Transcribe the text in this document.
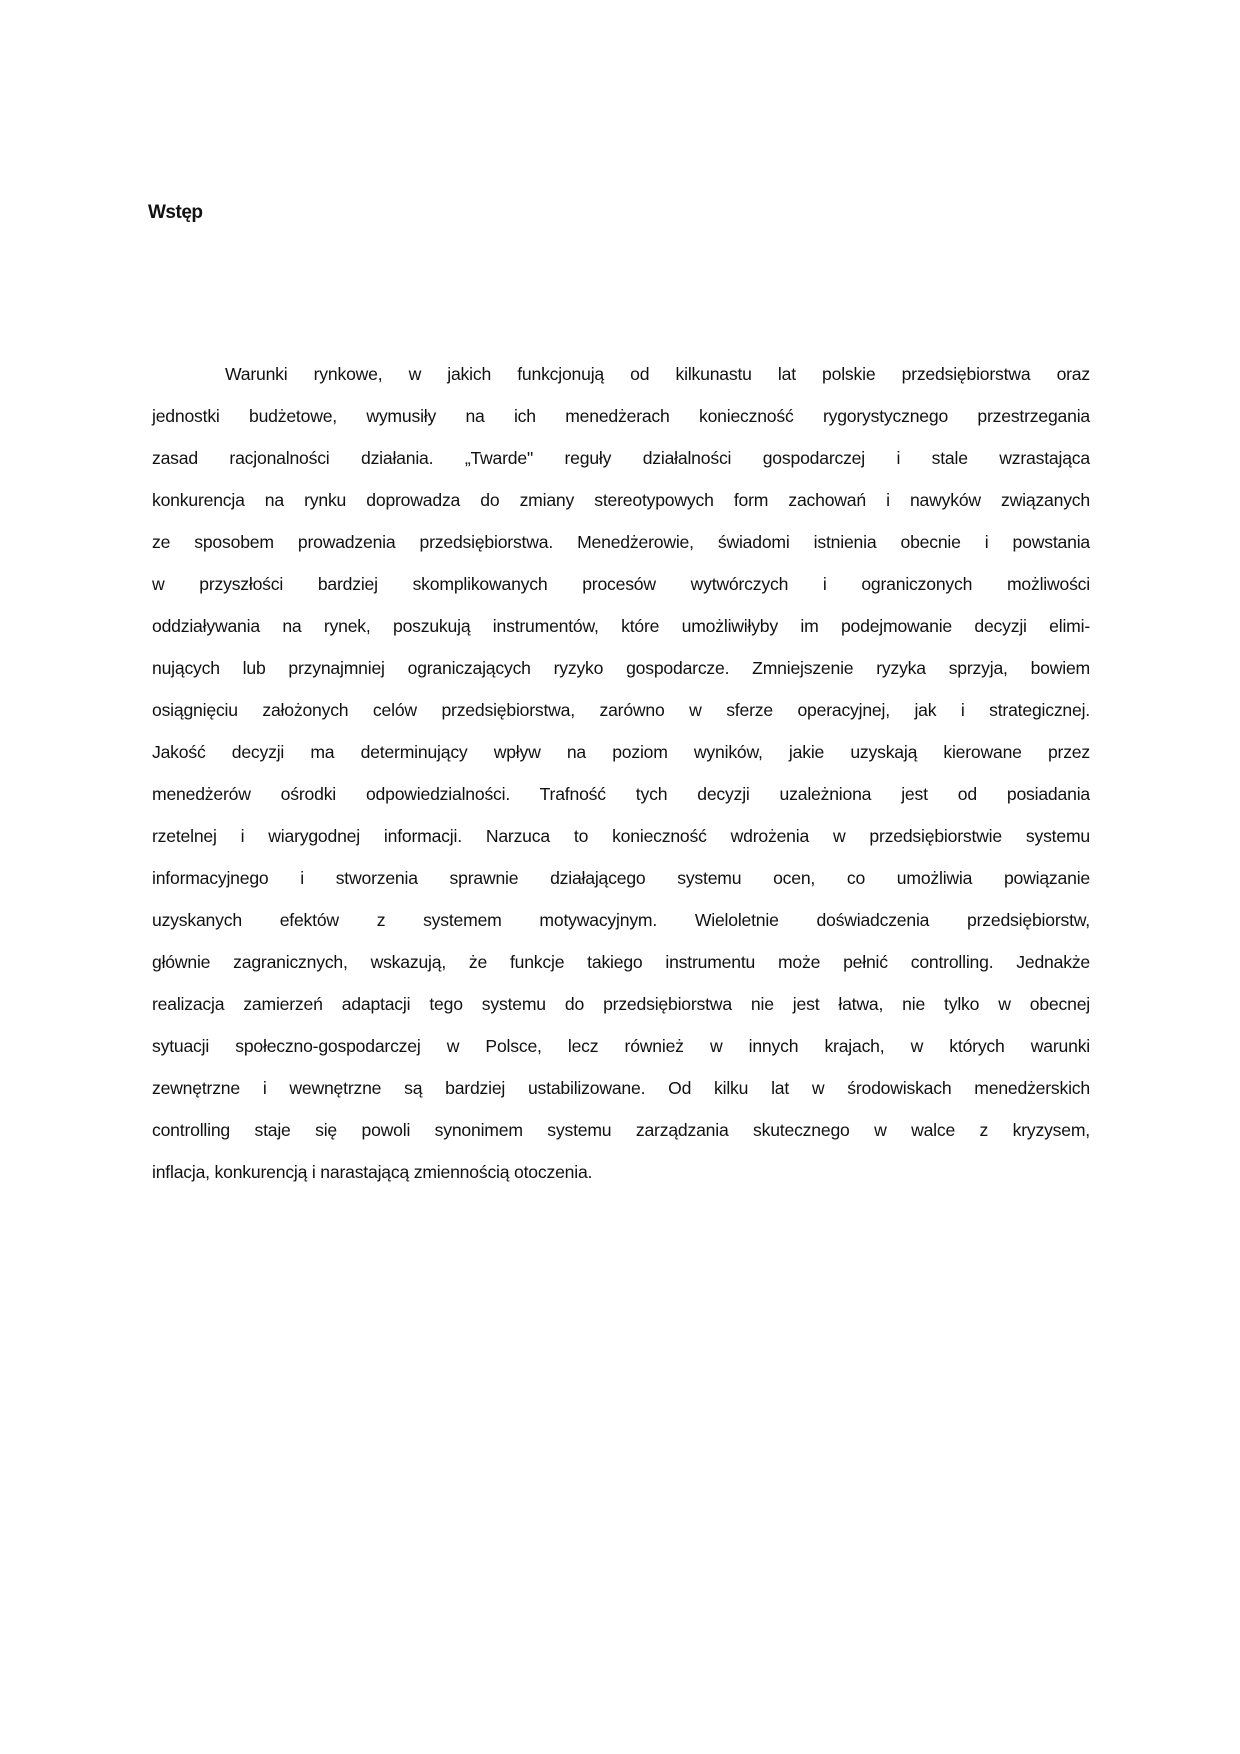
Wstęp
Warunki rynkowe, w jakich funkcjonują od kilkunastu lat polskie przedsiębiorstwa oraz
jednostki budżetowe, wymusiły na ich menedżerach konieczność rygorystycznego przestrzegania
zasad racjonalności działania. „Twarde" reguły działalności gospodarczej i stale wzrastająca
konkurencja na rynku doprowadza do zmiany stereotypowych form zachowań i nawyków związanych
ze sposobem prowadzenia przedsiębiorstwa. Menedżerowie, świadomi istnienia obecnie i powstania
w przyszłości bardziej skomplikowanych procesów wytwórczych i ograniczonych możliwości
oddziaływania na rynek, poszukują instrumentów, które umożliwiłyby im podejmowanie decyzji elimi-
nujących lub przynajmniej ograniczających ryzyko gospodarcze. Zmniejszenie ryzyka sprzyja, bowiem
osiągnięciu założonych celów przedsiębiorstwa, zarówno w sferze operacyjnej, jak i strategicznej.
Jakość decyzji ma determinujący wpływ na poziom wyników, jakie uzyskają kierowane przez
menedżerów ośrodki odpowiedzialności. Trafność tych decyzji uzależniona jest od posiadania
rzetelnej i wiarygodnej informacji. Narzuca to konieczność wdrożenia w przedsiębiorstwie systemu
informacyjnego i stworzenia sprawnie działającego systemu ocen, co umożliwia powiązanie
uzyskanych efektów z systemem motywacyjnym. Wieloletnie doświadczenia przedsiębiorstw,
głównie zagranicznych, wskazują, że funkcje takiego instrumentu może pełnić controlling. Jednakże
realizacja zamierzeń adaptacji tego systemu do przedsiębiorstwa nie jest łatwa, nie tylko w obecnej
sytuacji społeczno-gospodarczej w Polsce, lecz również w innych krajach, w których warunki
zewnętrzne i wewnętrzne są bardziej ustabilizowane. Od kilku lat w środowiskach menedżerskich
controlling staje się powoli synonimem systemu zarządzania skutecznego w walce z kryzysem,
inflacja, konkurencją i narastającą zmiennością otoczenia.
